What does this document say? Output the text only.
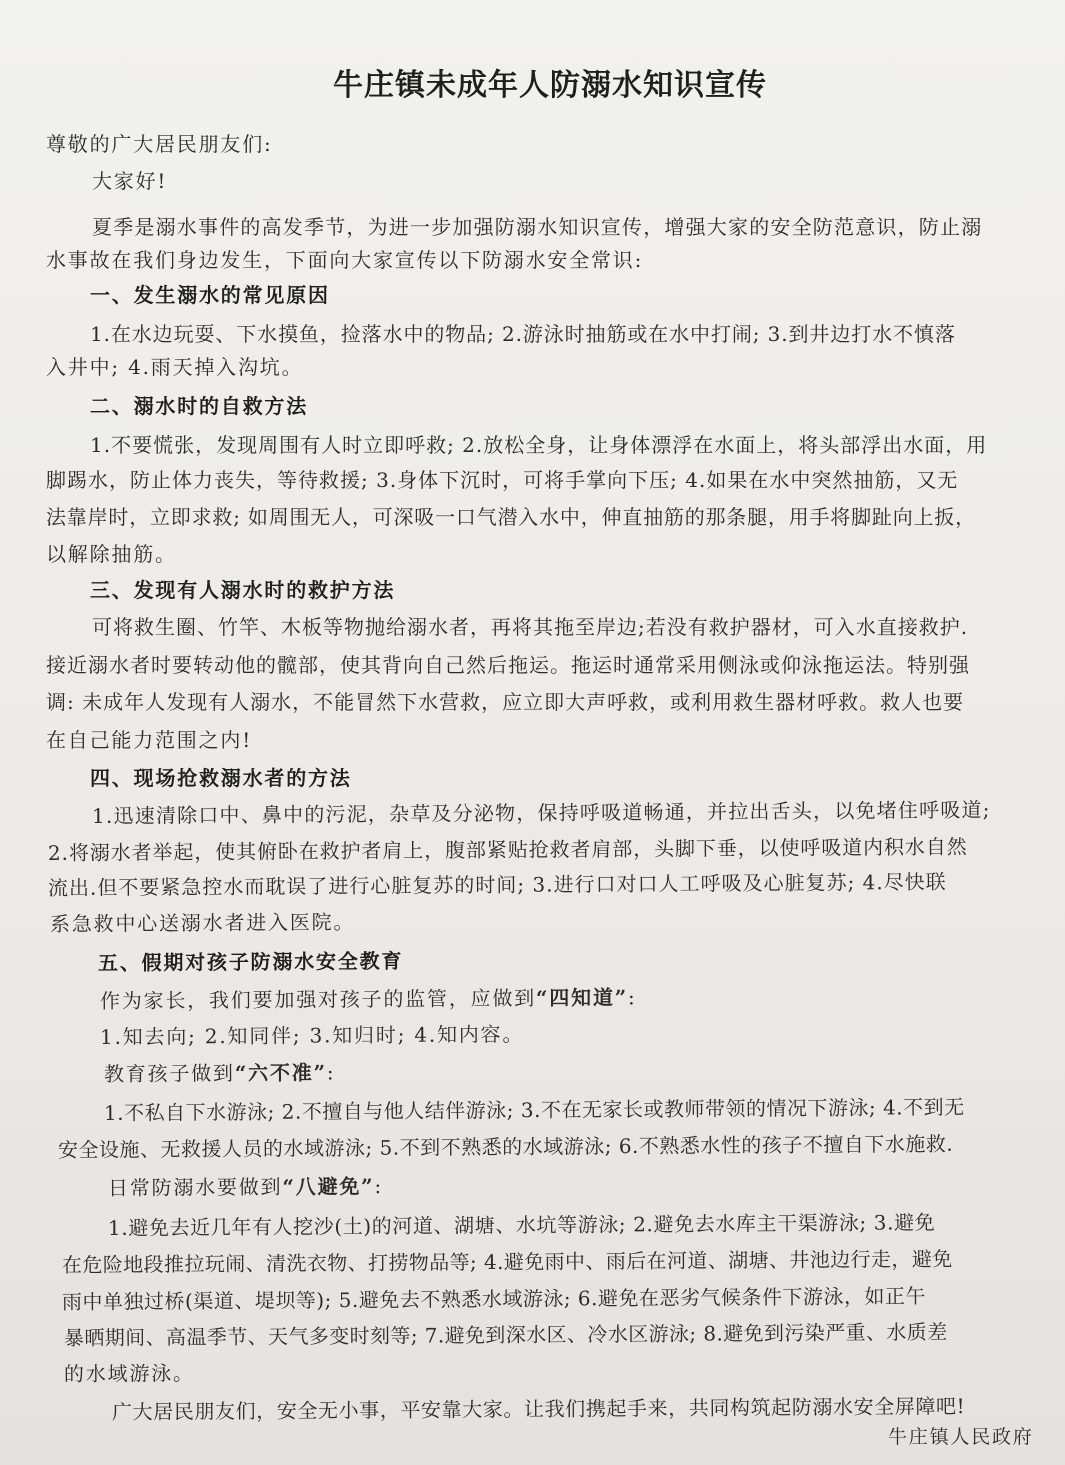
牛庄镇未成年人防溺水知识宣传
尊敬的广大居民朋友们:
大家好!
夏季是溺水事件的高发季节，为进一步加强防溺水知识宣传，增强大家的安全防范意识，防止溺
水事故在我们身边发生，下面向大家宣传以下防溺水安全常识:
一、发生溺水的常见原因
1.在水边玩耍、下水摸鱼，捡落水中的物品; 2.游泳时抽筋或在水中打闹; 3.到井边打水不慎落
入井中; 4.雨天掉入沟坑。
二、溺水时的自救方法
1.不要慌张，发现周围有人时立即呼救; 2.放松全身，让身体漂浮在水面上，将头部浮出水面，用
脚踢水，防止体力丧失，等待救援; 3.身体下沉时，可将手掌向下压; 4.如果在水中突然抽筋，又无
法靠岸时，立即求救; 如周围无人，可深吸一口气潜入水中，伸直抽筋的那条腿，用手将脚趾向上扳，
以解除抽筋。
三、发现有人溺水时的救护方法
可将救生圈、竹竿、木板等物抛给溺水者，再将其拖至岸边;若没有救护器材，可入水直接救护.
接近溺水者时要转动他的髋部，使其背向自己然后拖运。拖运时通常采用侧泳或仰泳拖运法。特别强
调: 未成年人发现有人溺水，不能冒然下水营救，应立即大声呼救，或利用救生器材呼救。救人也要
在自己能力范围之内!
四、现场抢救溺水者的方法
1.迅速清除口中、鼻中的污泥，杂草及分泌物，保持呼吸道畅通，并拉出舌头，以免堵住呼吸道;
2.将溺水者举起，使其俯卧在救护者肩上，腹部紧贴抢救者肩部，头脚下垂，以使呼吸道内积水自然
流出.但不要紧急控水而耽误了进行心脏复苏的时间; 3.进行口对口人工呼吸及心脏复苏; 4.尽快联
系急救中心送溺水者进入医院。
五、假期对孩子防溺水安全教育
作为家长，我们要加强对孩子的监管，应做到“四知道”:
1.知去向; 2.知同伴; 3.知归时; 4.知内容。
教育孩子做到“六不准”:
1.不私自下水游泳; 2.不擅自与他人结伴游泳; 3.不在无家长或教师带领的情况下游泳; 4.不到无
安全设施、无救援人员的水域游泳; 5.不到不熟悉的水域游泳; 6.不熟悉水性的孩子不擅自下水施救.
日常防溺水要做到“八避免”:
1.避免去近几年有人挖沙(土)的河道、湖塘、水坑等游泳; 2.避免去水库主干渠游泳; 3.避免
在危险地段推拉玩闹、清洗衣物、打捞物品等; 4.避免雨中、雨后在河道、湖塘、井池边行走，避免
雨中单独过桥(渠道、堤坝等); 5.避免去不熟悉水域游泳; 6.避免在恶劣气候条件下游泳，如正午
暴晒期间、高温季节、天气多变时刻等; 7.避免到深水区、冷水区游泳; 8.避免到污染严重、水质差
的水域游泳。
广大居民朋友们，安全无小事，平安靠大家。让我们携起手来，共同构筑起防溺水安全屏障吧!
牛庄镇人民政府
